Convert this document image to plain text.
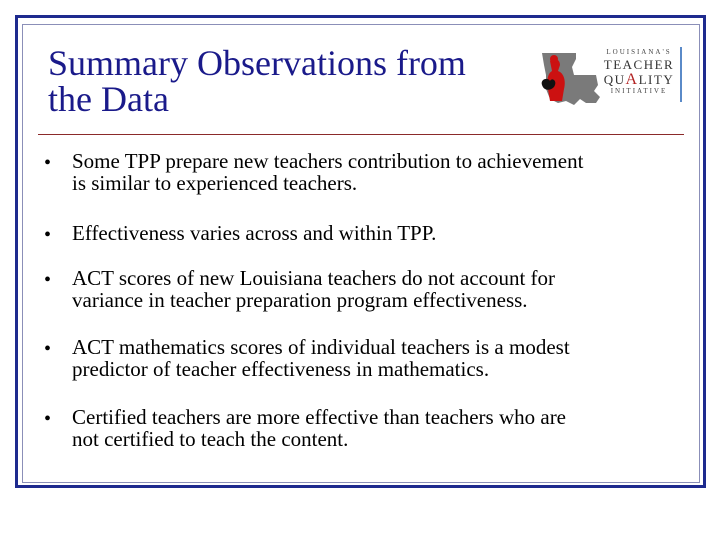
Summary Observations from
the Data
LOUISIANA'S
TEACHER
QUALITY
INITIATIVE
• Some TPP prepare new teachers contribution to achievement
is similar to experienced teachers.
• Effectiveness varies across and within TPP.
• ACT scores of new Louisiana teachers do not account for
variance in teacher preparation program effectiveness.
• ACT mathematics scores of individual teachers is a modest
predictor of teacher effectiveness in mathematics.
• Certified teachers are more effective than teachers who are
not certified to teach the content.
